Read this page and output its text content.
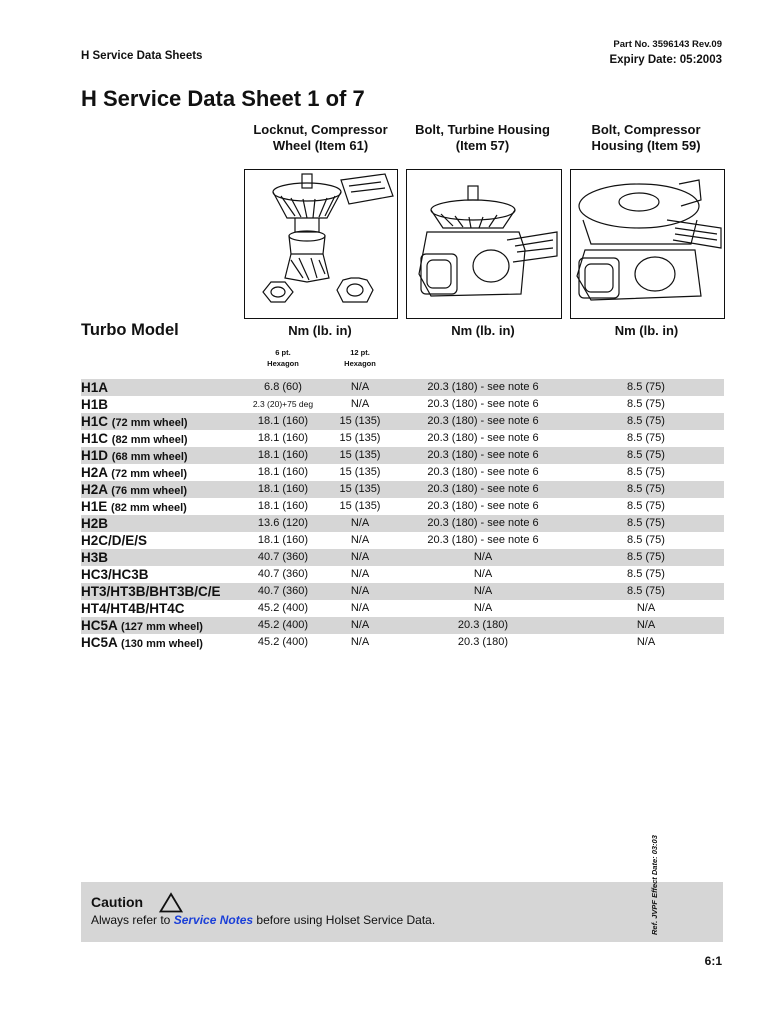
H Service Data Sheets
Part No. 3596143 Rev.09
Expiry Date: 05:2003
H Service Data Sheet 1 of 7
Locknut, Compressor Wheel (Item 61)
Bolt, Turbine Housing (Item 57)
Bolt, Compressor Housing (Item 59)
Turbo Model	Nm (lb. in)	Nm (lb. in)	Nm (lb. in)
6 pt.
Hexagon
12 pt.
Hexagon
H1A	6.8 (60)	N/A	20.3 (180) - see note 6	8.5 (75)
H1B	2.3 (20)+75 deg	N/A	20.3 (180) - see note 6	8.5 (75)
H1C (72 mm wheel)	18.1 (160)	15 (135)	20.3 (180) - see note 6	8.5 (75)
H1C (82 mm wheel)	18.1 (160)	15 (135)	20.3 (180) - see note 6	8.5 (75)
H1D (68 mm wheel)	18.1 (160)	15 (135)	20.3 (180) - see note 6	8.5 (75)
H2A (72 mm wheel)	18.1 (160)	15 (135)	20.3 (180) - see note 6	8.5 (75)
H2A (76 mm wheel)	18.1 (160)	15 (135)	20.3 (180) - see note 6	8.5 (75)
H1E (82 mm wheel)	18.1 (160)	15 (135)	20.3 (180) - see note 6	8.5 (75)
H2B	13.6 (120)	N/A	20.3 (180) - see note 6	8.5 (75)
H2C/D/E/S	18.1 (160)	N/A	20.3 (180) - see note 6	8.5 (75)
H3B	40.7 (360)	N/A	N/A	8.5 (75)
HC3/HC3B	40.7 (360)	N/A	N/A	8.5 (75)
HT3/HT3B/BHT3B/C/E	40.7 (360)	N/A	N/A	8.5 (75)
HT4/HT4B/HT4C	45.2 (400)	N/A	N/A	N/A
HC5A (127 mm wheel)	45.2 (400)	N/A	20.3 (180)	N/A
HC5A (130 mm wheel)	45.2 (400)	N/A	20.3 (180)	N/A
Caution
Always refer to Service Notes before using Holset Service Data.	Ref. JVPF Effect Date: 03:03
6:1
